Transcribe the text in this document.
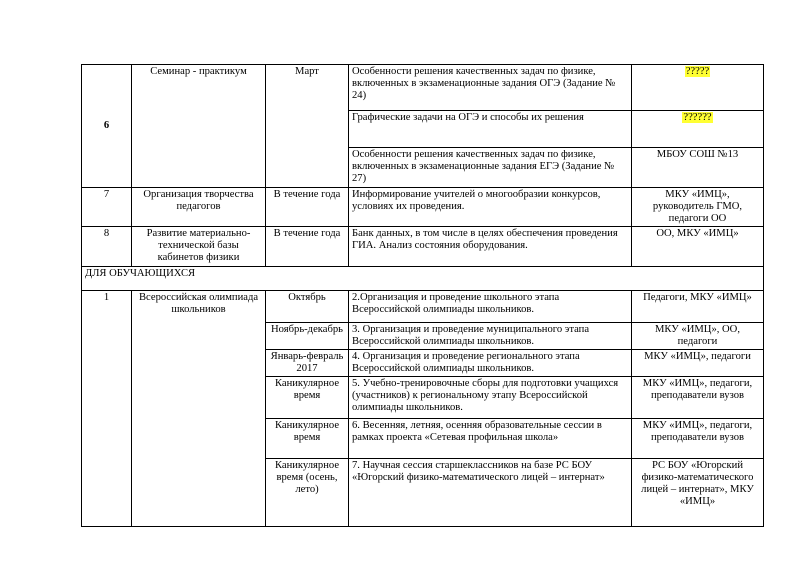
6	Семинар - практикум	Март	Особенности решения качественных задач по физике, включенных в экзаменационные задания ОГЭ (Задание № 24)	?????
			Графические задачи на ОГЭ и способы их решения	??????
			Особенности решения качественных задач по физике, включенных в экзаменационные задания ЕГЭ (Задание № 27)	МБОУ СОШ №13
7	Организация творчества педагогов	В течение года	Информирование учителей о многообразии конкурсов, условиях их проведения.	МКУ «ИМЦ», руководитель ГМО, педагоги ОО
8	Развитие материально-технической базы кабинетов физики	В течение года	Банк данных, в том числе в целях обеспечения проведения ГИА. Анализ состояния оборудования.	ОО, МКУ «ИМЦ»
ДЛЯ ОБУЧАЮЩИХСЯ				
1	Всероссийская олимпиада школьников	Октябрь	2.Организация и проведение школьного этапа Всероссийской олимпиады школьников.	Педагоги, МКУ «ИМЦ»
		Ноябрь-декабрь	3. Организация и проведение муниципального этапа Всероссийской олимпиады школьников.	МКУ «ИМЦ», ОО, педагоги
		Январь-февраль 2017	4. Организация и проведение регионального этапа Всероссийской олимпиады школьников.	МКУ «ИМЦ», педагоги
		Каникулярное время	5. Учебно-тренировочные сборы для подготовки учащихся (участников) к региональному этапу Всероссийской олимпиады школьников.	МКУ «ИМЦ», педагоги, преподаватели вузов
		Каникулярное время	6. Весенняя, летняя, осенняя образовательные сессии в рамках проекта «Сетевая профильная школа»	МКУ «ИМЦ», педагоги, преподаватели вузов
		Каникулярное время (осень, лето)	7. Научная сессия старшеклассников на базе РС БОУ «Югорский физико-математического лицей – интернат»	РС БОУ «Югорский физико-математического лицей – интернат», МКУ «ИМЦ»
